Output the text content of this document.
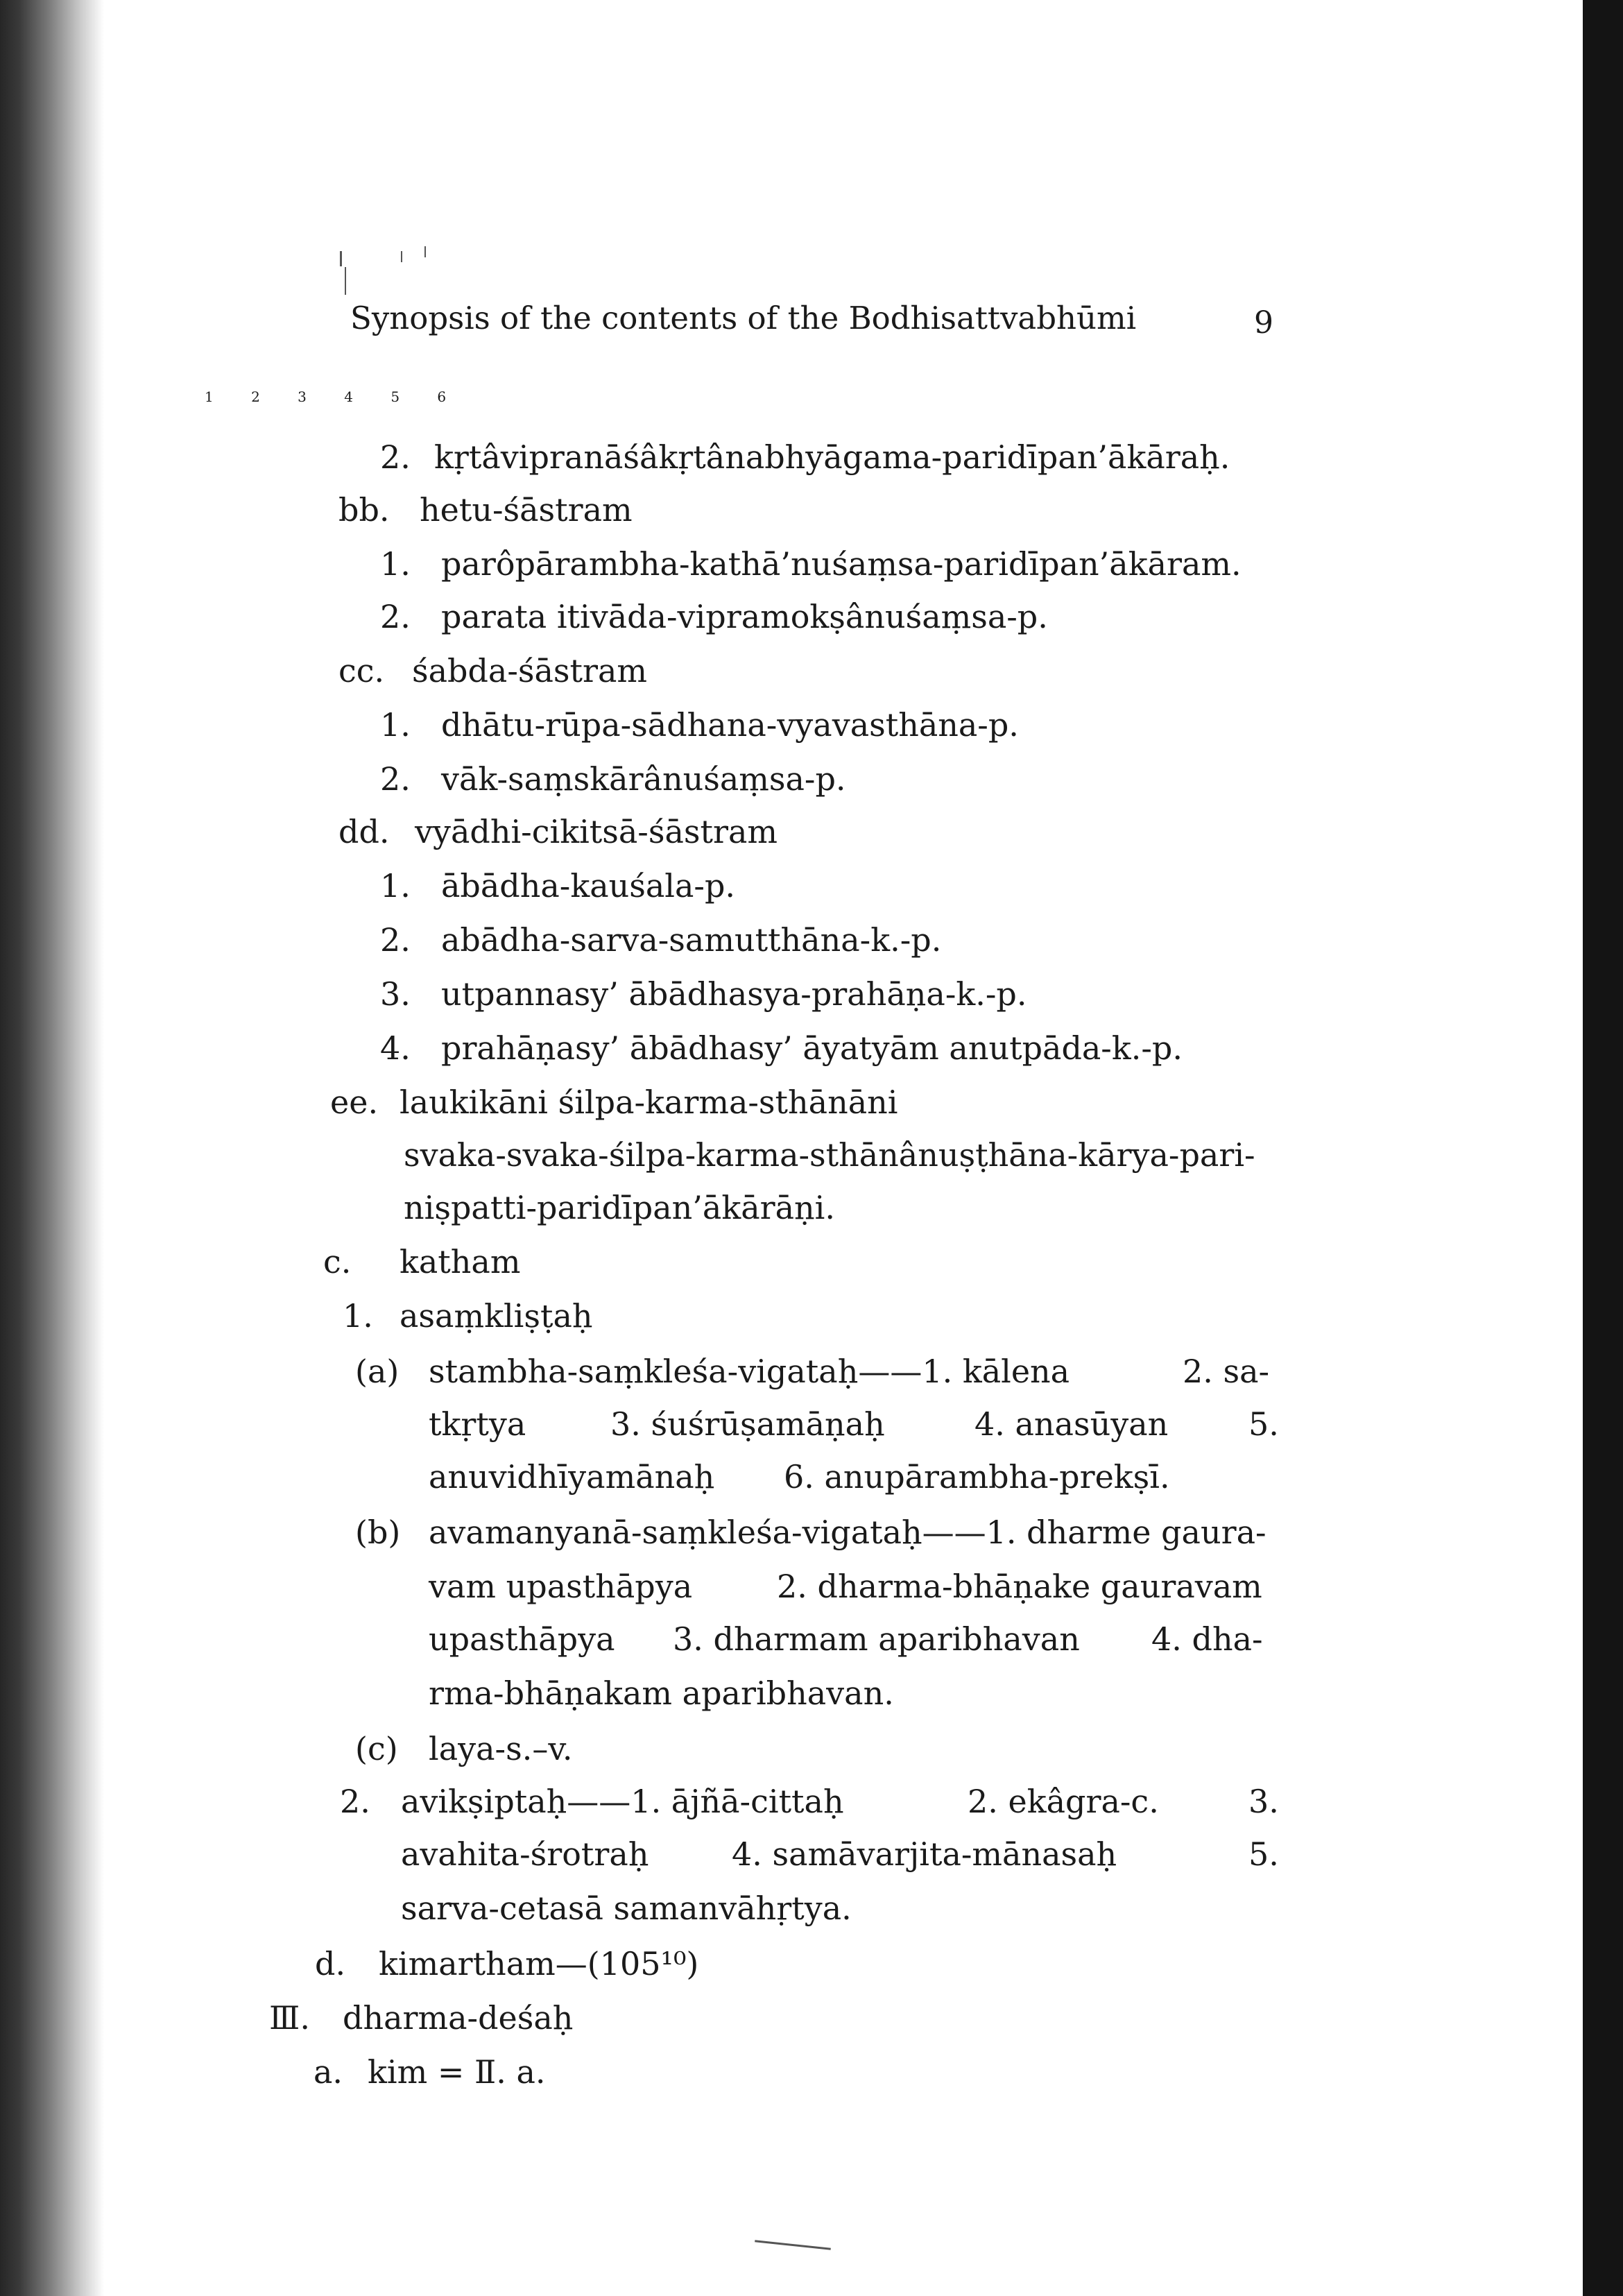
Synopsis of the contents of the Bodhisattvabhūmi	9
1 2 3 4 5 6
2. kṛtâvipranāśâkṛtânabhyāgama-paridīpan’ākāraḥ.
bb. hetu-śāstram
1. parôpārambha-kathā’nuśaṃsa-paridīpan’ākāram.
2. parata itivāda-vipramokṣânuśaṃsa-p.
cc. śabda-śāstram
1. dhātu-rūpa-sādhana-vyavasthāna-p.
2. vāk-saṃskārânuśaṃsa-p.
dd. vyādhi-cikitsā-śāstram
1. ābādha-kauśala-p.
2. abādha-sarva-samutthāna-k.-p.
3. utpannasy’ ābādhasya-prahāṇa-k.-p.
4. prahāṇasy’ ābādhasy’ āyatyām anutpāda-k.-p.
ee. laukikāni śilpa-karma-sthānāni
svaka-svaka-śilpa-karma-sthānânuṣṭhāna-kārya-pari-
niṣpatti-paridīpan’ākārāṇi.
c. katham
1. asaṃkliṣṭaḥ
(a) stambha-saṃkleśa-vigataḥ——1. kālena	2. sa-
tkṛtya	3. śuśrūṣamāṇaḥ	4. anasūyan	5.
anuvidhīyamānaḥ 6. anupārambha-prekṣī.
(b) avamanyanā-saṃkleśa-vigataḥ——1. dharme gaura-
vam upasthāpya	2. dharma-bhāṇake gauravam
upasthāpya 3. dharmam aparibhavan 4. dha-
rma-bhāṇakam aparibhavan.
(c) laya-s.–v.
2. avikṣiptaḥ——1. ājñā-cittaḥ	2. ekâgra-c.	3.
avahita-śrotraḥ	4. samāvarjita-mānasaḥ	5.
sarva-cetasā samanvāhṛtya.
d. kimartham—(105¹⁰)
Ⅲ. dharma-deśaḥ
a. kim = Ⅱ. a.
